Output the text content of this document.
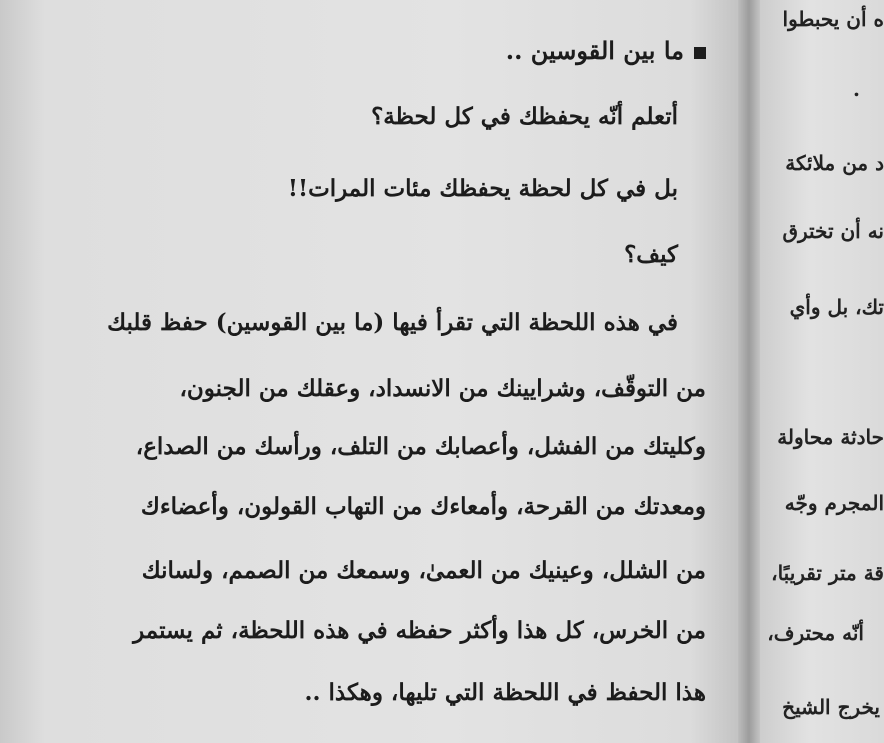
ما بين القوسين ..
أتعلم أنّه يحفظك في كل لحظة؟
بل في كل لحظة يحفظك مئات المرات!!
كيف؟
في هذه اللحظة التي تقرأ فيها (ما بين القوسين) حفظ قلبك
من التوقّف، وشرايينك من الانسداد، وعقلك من الجنون،
وكليتك من الفشل، وأعصابك من التلف، ورأسك من الصداع،
ومعدتك من القرحة، وأمعاءك من التهاب القولون، وأعضاءك
من الشلل، وعينيك من العمىٰ، وسمعك من الصمم، ولسانك
من الخرس، كل هذا وأكثر حفظه في هذه اللحظة، ثم يستمر
هذا الحفظ في اللحظة التي تليها، وهكذا ..
ه أن يحبطوا
.
د من ملائكة
نه أن تخترق
تك، بل وأي
حادثة محاولة
المجرم وجّه
قة متر تقريبًا،
أنّه محترف،
يخرج الشيخ
